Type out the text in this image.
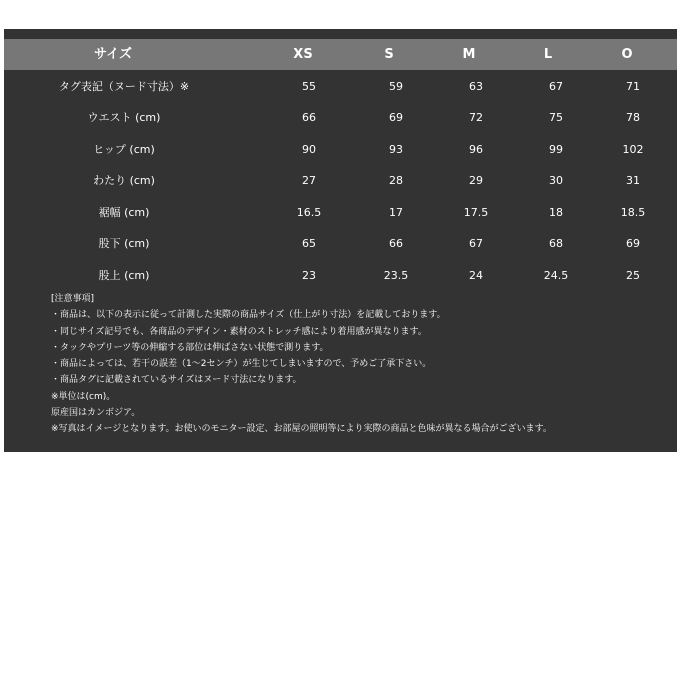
サイズ	XS	S	M	L	O
タグ表記（ヌード寸法）※	55	59	63	67	71
ウエスト (cm)	66	69	72	75	78
ヒップ (cm)	90	93	96	99	102
わたり (cm)	27	28	29	30	31
裾幅 (cm)	16.5	17	17.5	18	18.5
股下 (cm)	65	66	67	68	69
股上 (cm)	23	23.5	24	24.5	25
[注意事項]
・商品は、以下の表示に従って計測した実際の商品サイズ（仕上がり寸法）を記載しております。
・同じサイズ記号でも、各商品のデザイン・素材のストレッチ感により着用感が異なります。
・タックやプリーツ等の伸縮する部位は伸ばさない状態で測ります。
・商品によっては、若干の誤差（1〜2センチ）が生じてしまいますので、予めご了承下さい。
・商品タグに記載されているサイズはヌード寸法になります。
※単位は(cm)。
原産国はカンボジア。
※写真はイメージとなります。お使いのモニター設定、お部屋の照明等により実際の商品と色味が異なる場合がございます。
